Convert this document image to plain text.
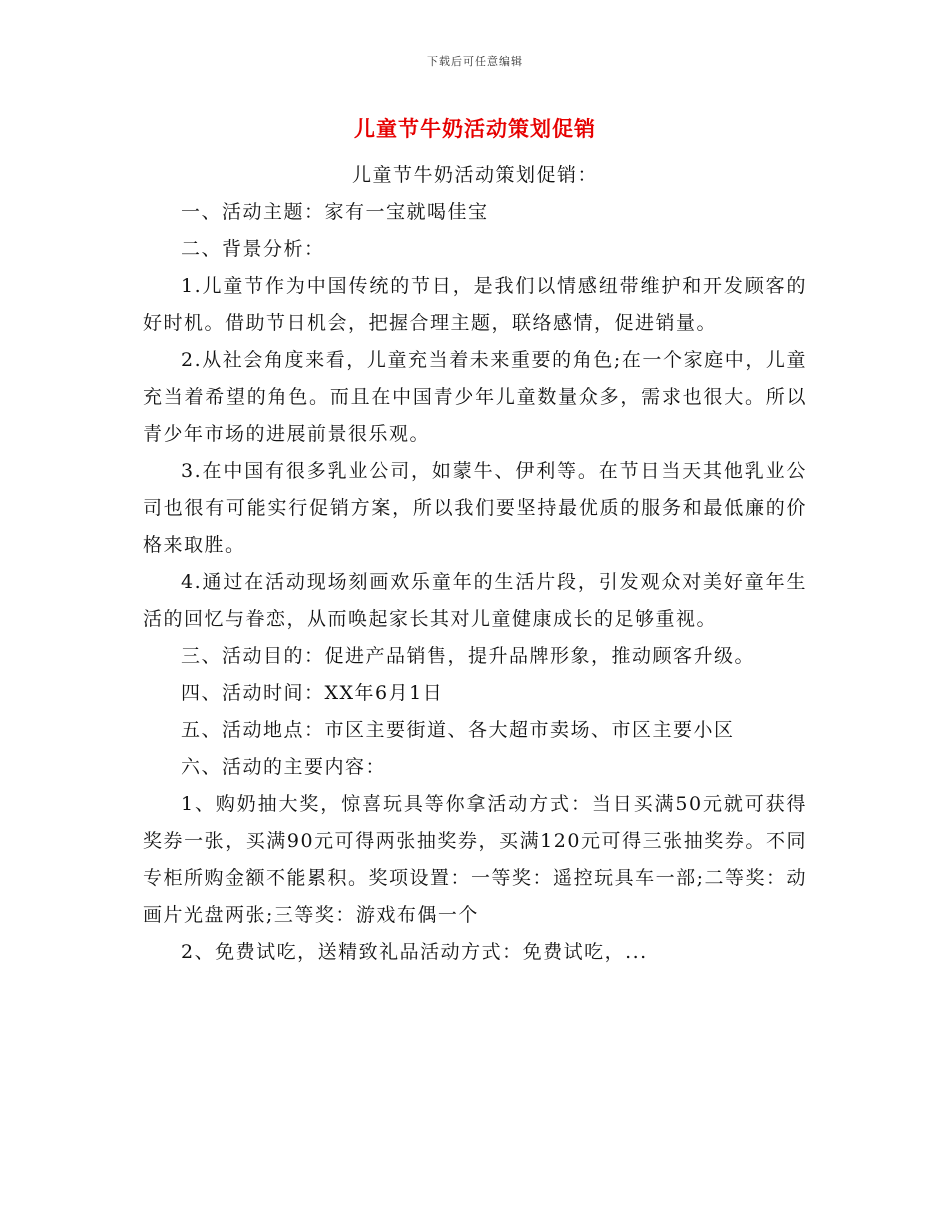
下载后可任意编辑
儿童节牛奶活动策划促销

儿童节牛奶活动策划促销：

一、活动主题：家有一宝就喝佳宝

二、背景分析：

1.儿童节作为中国传统的节日，是我们以情感纽带维护和开发顾客的好时机。借助节日机会，把握合理主题，联络感情，促进销量。

2.从社会角度来看，儿童充当着未来重要的角色;在一个家庭中，儿童充当着希望的角色。而且在中国青少年儿童数量众多，需求也很大。所以青少年市场的进展前景很乐观。

3.在中国有很多乳业公司，如蒙牛、伊利等。在节日当天其他乳业公司也很有可能实行促销方案，所以我们要坚持最优质的服务和最低廉的价格来取胜。

4.通过在活动现场刻画欢乐童年的生活片段，引发观众对美好童年生活的回忆与眷恋，从而唤起家长其对儿童健康成长的足够重视。

三、活动目的：促进产品销售，提升品牌形象，推动顾客升级。

四、活动时间：XX年6月1日

五、活动地点：市区主要街道、各大超市卖场、市区主要小区

六、活动的主要内容：

1、购奶抽大奖，惊喜玩具等你拿活动方式：当日买满50元就可获得奖券一张，买满90元可得两张抽奖券，买满120元可得三张抽奖券。不同专柜所购金额不能累积。奖项设置：一等奖：遥控玩具车一部;二等奖：动画片光盘两张;三等奖：游戏布偶一个

2、免费试吃，送精致礼品活动方式：免费试吃，...
